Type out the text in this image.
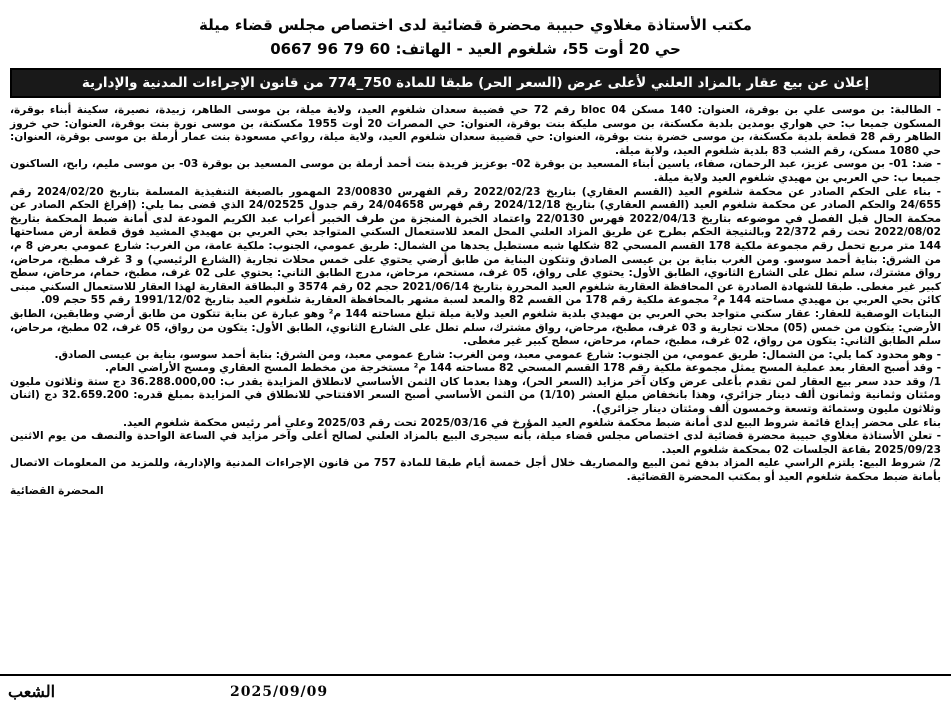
مكتب الأستاذة مغلاوي حبيبة محضرة قضائية لدى اختصاص مجلس قضاء ميلة
حي 20 أوت 55، شلغوم العيد - الهاتف: 0667 96 79 60
إعلان عن بيع عقار بالمزاد العلني لأعلى عرض (السعر الحر) طبقا للمادة 750_774 من قانون الإجراءات المدنية والإدارية

- الطالبة: بن موسى علي بن بوقرة، العنوان: 140 مسكن 04 bloc رقم 72 حي قضيبة سعدان شلغوم العيد، ولاية ميلة، بن موسى الطاهر، زبيدة، نصيرة، سكينة أبناء بوقرة، المسكون جميعا ب: حي هواري بومدين بلدية مكسكنة، بن موسى مليكة بنت بوقرة، العنوان: حي المصرات 20 أوت 1955 مكسكنة، بن موسى نورة بنت بوقرة، العنوان: حي خروز الطاهر رقم 28 قطعة بلدية مكسكنة، بن موسى خضرة بنت بوقرة، العنوان: حي قضيبة سعدان شلغوم العيد، ولاية ميلة، رواعي مسعودة بنت عمار أرملة بن موسى بوقرة، العنوان: حي 1080 مسكن، رقم الشب 83 بلدية شلغوم العيد، ولاية ميلة.

- ضد: 01- بن موسى عزيز، عبد الرحمان، صفاء، ياسين أبناء المسعيد بن بوقرة 02- بوعزيز فريدة بنت أحمد أرملة بن موسى المسعيد بن بوقرة 03- بن موسى مليم، رابح، الساكنون جميعا ب: حي العربي بن مهيدي شلغوم العيد ولاية ميلة.

- بناء على الحكم الصادر عن محكمة شلغوم العيد (القسم العقاري) بتاريخ 2022/02/23 رقم الفهرس 23/00830 المهمور بالصيغة التنفيذية المسلمة بتاريخ 2024/02/20 رقم 24/655 والحكم الصادر عن محكمة شلغوم العيد (القسم العقاري) بتاريخ 2024/12/18 رقم فهرس 24/04658 رقم جدول 24/02525 الذي قضى بما يلي: (إفراغ الحكم الصادر عن محكمة الحال قبل الفصل في موضوعه بتاريخ 2022/04/13 فهرس 22/0130 واعتماد الخبرة المنجزة من طرف الخبير أعراب عبد الكريم المودعة لدى أمانة ضبط المحكمة بتاريخ 2022/08/02 تحت رقم 22/372 وبالنتيجة الحكم بطرح عن طريق المزاد العلني المحل المعد للاستعمال السكني المتواجد بحي العربي بن مهيدي المشيد فوق قطعة أرض مساحتها 144 متر مربع تحمل رقم مجموعة ملكية 178 القسم المسحي 82 شكلها شبه مستطيل يحدها من الشمال: طريق عمومي، الجنوب: ملكية عامة، من الغرب: شارع عمومي بعرض 8 م، من الشرق: بناية أحمد سوسو. ومن الغرب بناية بن بن عيسى الصادق وتتكون البناية من طابق أرضي يحتوي على خمس محلات تجارية (الشارع الرئيسي) و 3 غرف مطبخ، مرحاض، رواق مشترك، سلم تطل على الشارع الثانوي، الطابق الأول: يحتوي على رواق، 05 غرف، مستحم، مرحاض، مدرج الطابق الثاني: يحتوي على 02 غرف، مطبخ، حمام، مرحاض، سطح كبير غير مغطى. طبقا للشهادة الصادرة عن المحافظة العقارية شلغوم العيد المحررة بتاريخ 2021/06/14 حجم 02 رقم 3574 و البطاقة العقارية لهذا العقار للاستعمال السكني مبنى كائن بحي العربي بن مهيدي مساحته 144 م² مجموعة ملكية رقم 178 من القسم 82 والمعد لسبة مشهر بالمحافظة العقارية شلغوم العيد بتاريخ 1991/12/02 رقم 55 حجم 09.

البنايات الوصفية للعقار: عقار سكني متواجد بحي العربي بن مهيدي بلدية شلغوم العيد ولاية ميلة تبلغ مساحته 144 م² وهو عبارة عن بناية تتكون من طابق أرضي وطابقين، الطابق الأرضي: يتكون من خمس (05) محلات تجارية و 03 غرف، مطبخ، مرحاض، رواق مشترك، سلم تطل على الشارع الثانوي، الطابق الأول: يتكون من رواق، 05 غرف، 02 مطبخ، مرحاض، سلم الطابق الثاني: يتكون من رواق، 02 غرف، مطبخ، حمام، مرحاض، سطح كبير غير مغطى.

- وهو محدود كما يلي: من الشمال: طريق عمومي، من الجنوب: شارع عمومي معبد، ومن الغرب: شارع عمومي معبد، ومن الشرق: بناية أحمد سوسو، بناية بن عيسى الصادق.

- وقد أصبح العقار بعد عملية المسح يمثل مجموعة ملكية رقم 178 القسم المسحي 82 مساحته 144 م² مستخرجة من مخطط المسح العقاري ومسح الأراضي العام.

1/ وقد حدد سعر بيع العقار لمن تقدم بأعلى عرض وكان آخر مزايد (السعر الحر)، وهذا بعدما كان الثمن الأساسي لانطلاق المزايدة يقدر ب: 36.288.000,00 دج ستة وثلاثون مليون ومئتان وثمانية وثمانون ألف دينار جزائري، وهذا بانخفاض مبلغ العشر (1/10) من الثمن الأساسي أصبح السعر الافتتاحي للانطلاق في المزايدة بمبلغ قدره: 32.659.200 دج (اثنان وثلاثون مليون وستمائة وتسعة وخمسون ألف ومئتان دينار جزائري).

بناء على محضر إيداع قائمة شروط البيع لدى أمانة ضبط محكمة شلغوم العيد المؤرخ في 2025/03/16 تحت رقم 2025/03 وعلى أمر رئيس محكمة شلغوم العيد.

- تعلن الأستاذة مغلاوي حبيبة محضرة قضائية لدى اختصاص مجلس قضاء ميلة، بأنه سيجرى البيع بالمزاد العلني لصالح أعلى وآخر مزايد في الساعة الواحدة والنصف من يوم الاثنين 2025/09/23 بقاعة الجلسات 02 بمحكمة شلغوم العيد.

2/ شروط البيع: يلتزم الراسي عليه المزاد بدفع ثمن البيع والمصاريف خلال أجل خمسة أيام طبقا للمادة 757 من قانون الإجراءات المدنية والإدارية، وللمزيد من المعلومات الاتصال بأمانة ضبط محكمة شلغوم العيد أو بمكتب المحضرة القضائية.

المحضرة القضائية
2025/09/09
الشعب
